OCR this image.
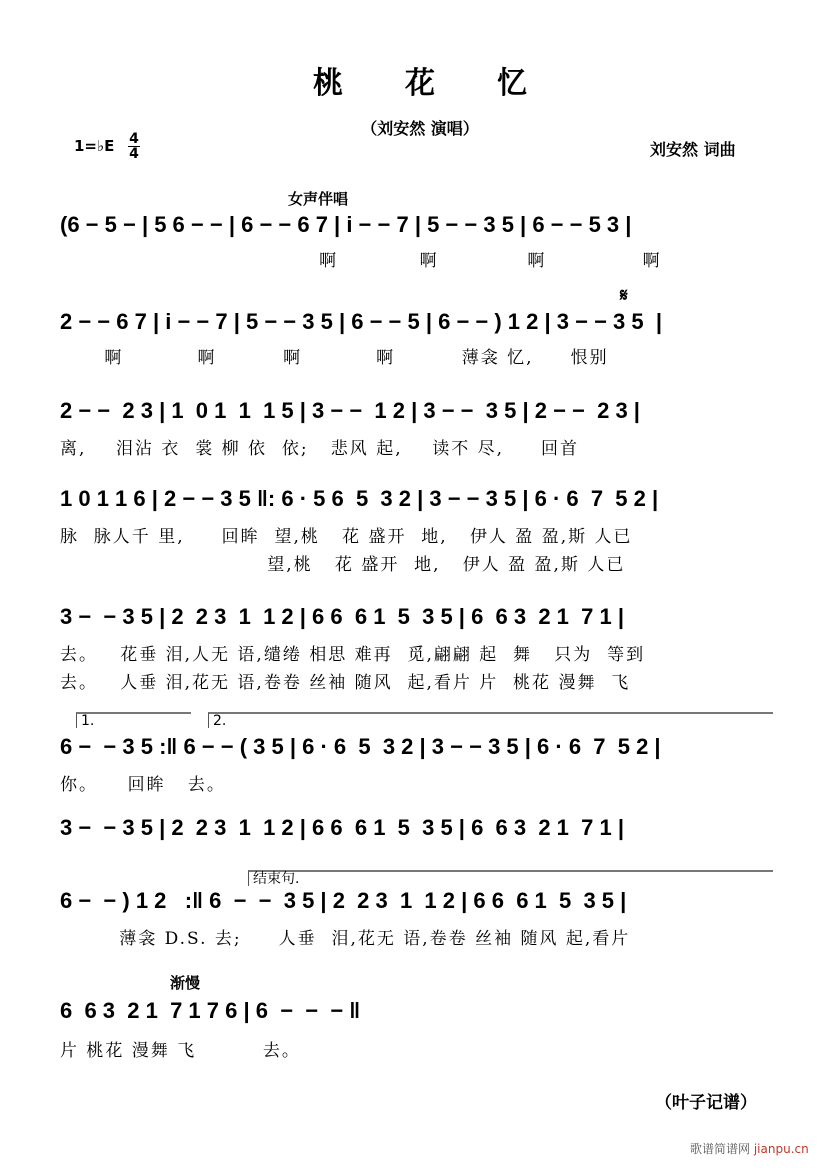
桃花忆
（刘安然 演唱）
1=♭E 4
4	刘安然 词曲
女声伴唱
(6 − 5 − | 5 6 − − | 6 − − 6 7 | i − − 7 | 5 − − 3 5 | 6 − − 5 3 |
啊           啊            啊             啊
𝄋
2 − − 6 7 | i − − 7 | 5 − − 3 5 | 6 − − 5 | 6 − − ) 1 2 | 3 − − 3 5  |
啊          啊         啊          啊         薄衾 忆,     恨别
2 − −  2 3 | 1  0 1  1  1 5 | 3 − −  1 2 | 3 − −  3 5 | 2 − −  2 3 |
离,    泪沾 衣  裳 柳 依  依;   悲风 起,    读不 尽,     回首
1 0 1 1 6 | 2 − − 3 5 ‖: 6 · 5 6  5  3 2 | 3 − − 3 5 | 6 · 6  7  5 2 |
脉  脉人千 里,     回眸  望,桃   花 盛开  地,   伊人 盈 盈,斯 人已
望,桃   花 盛开  地,   伊人 盈 盈,斯 人已
3 −  − 3 5 | 2  2 3  1  1 2 | 6 6  6 1  5  3 5 | 6  6 3  2 1  7 1 |
去。   花垂 泪,人无 语,缱绻 相思 难再  觅,翩翩 起  舞   只为  等到
去。   人垂 泪,花无 语,卷卷 丝袖 随风  起,看片 片  桃花 漫舞  飞
1.	2.
6 −  − 3 5 :‖ 6 − − ( 3 5 | 6 · 6  5  3 2 | 3 − − 3 5 | 6 · 6  7  5 2 |
你。    回眸   去。
3 −  − 3 5 | 2  2 3  1  1 2 | 6 6  6 1  5  3 5 | 6  6 3  2 1  7 1 |
结束句.
6 −  − ) 1 2   :‖ 6  −  −  3 5 | 2  2 3  1  1 2 | 6 6  6 1  5  3 5 |
薄衾 D.S. 去;     人垂  泪,花无 语,卷卷 丝袖 随风 起,看片
渐慢
6  6 3  2 1  7 1 7 6 | 6  −  −  − ‖
片 桃花 漫舞 飞         去。
（叶子记谱）
歌谱简谱网 jianpu.cn
